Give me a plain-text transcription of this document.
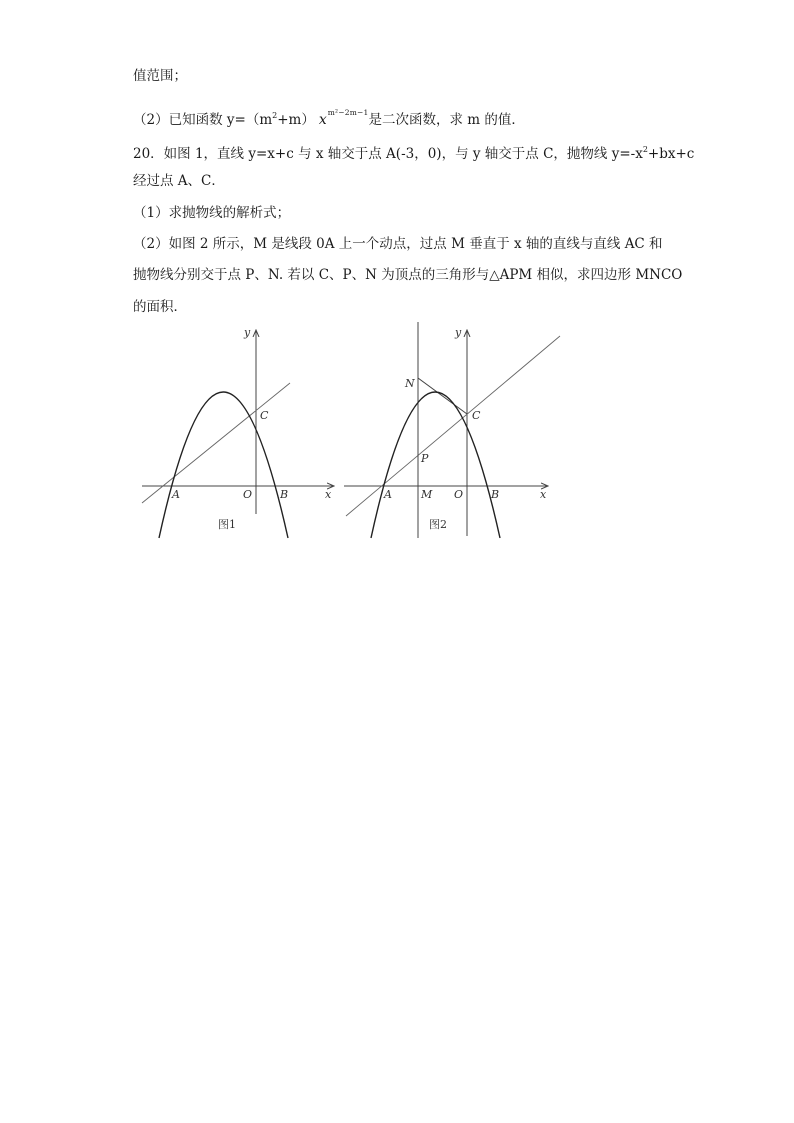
值范围；
（2）已知函数 $y=(m^2+m)$ $x^{m^2-2m-1}$是二次函数，求 m 的值．
20．如图 1，直线 y=x+c 与 x 轴交于点 A(-3，0)，与 y 轴交于点 C，抛物线 $y=-x^2+bx+c$
经过点 A、C．
（1）求抛物线的解析式；
（2）如图 2 所示，M 是线段 0A 上一个动点，过点 M 垂直于 x 轴的直线与直线 AC 和
抛物线分别交于点 P、N. 若以 C、P、N 为顶点的三角形与△APM 相似，求四边形 MNCO
的面积．
y
x
A	O	B
C
图1
y
x
A	M O	B
C
N
P
图2
